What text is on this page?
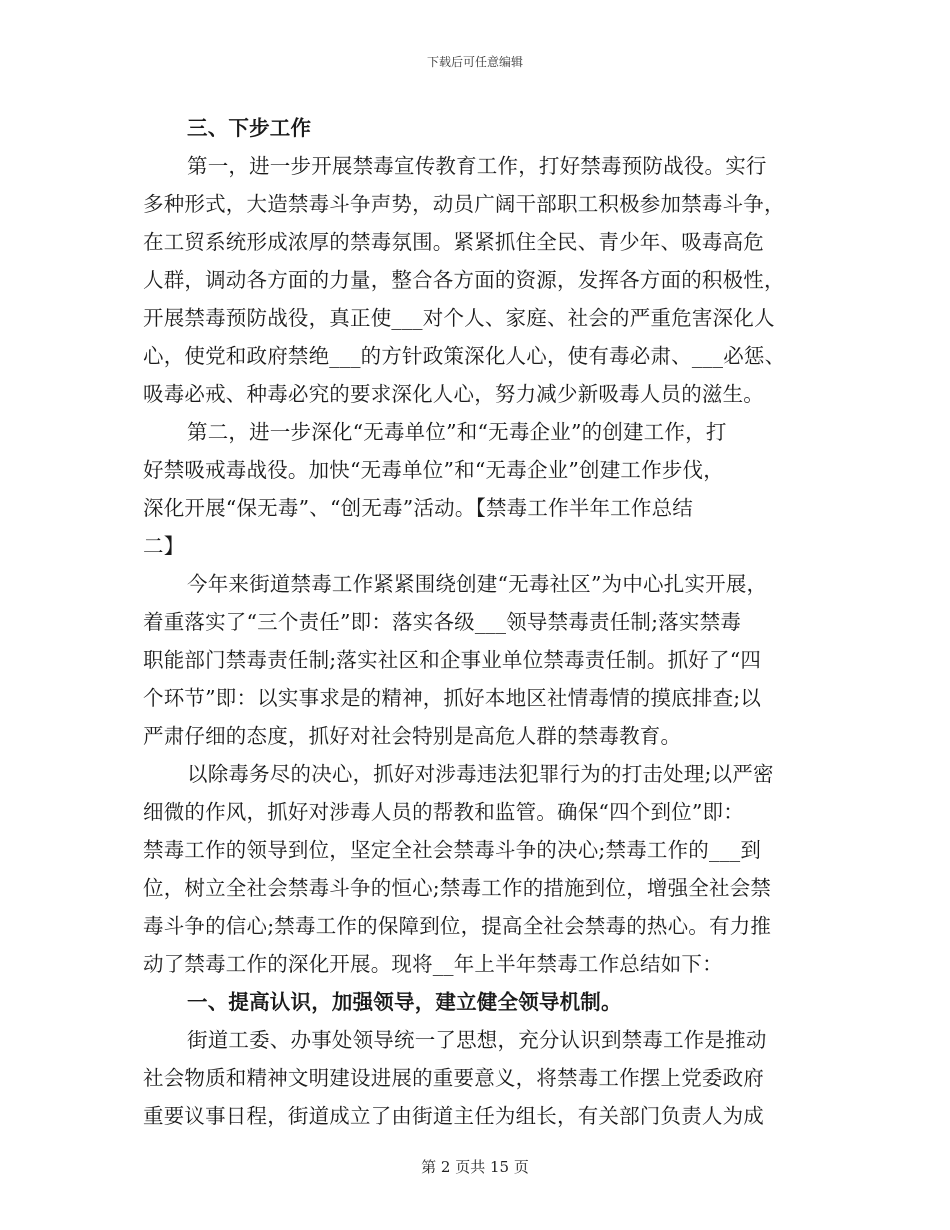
下载后可任意编辑
三、下步工作
第一，进一步开展禁毒宣传教育工作，打好禁毒预防战役。实行
多种形式，大造禁毒斗争声势，动员广阔干部职工积极参加禁毒斗争，
在工贸系统形成浓厚的禁毒氛围。紧紧抓住全民、青少年、吸毒高危
人群，调动各方面的力量，整合各方面的资源，发挥各方面的积极性，
开展禁毒预防战役，真正使___对个人、家庭、社会的严重危害深化人
心，使党和政府禁绝___的方针政策深化人心，使有毒必肃、___必惩、
吸毒必戒、种毒必究的要求深化人心，努力减少新吸毒人员的滋生。
第二，进一步深化“无毒单位”和“无毒企业”的创建工作，打
好禁吸戒毒战役。加快“无毒单位”和“无毒企业”创建工作步伐，
深化开展“保无毒”、“创无毒”活动。【禁毒工作半年工作总结
二】
今年来街道禁毒工作紧紧围绕创建“无毒社区”为中心扎实开展，
着重落实了“三个责任”即：落实各级___领导禁毒责任制;落实禁毒
职能部门禁毒责任制;落实社区和企事业单位禁毒责任制。抓好了“四
个环节”即：以实事求是的精神，抓好本地区社情毒情的摸底排查;以
严肃仔细的态度，抓好对社会特别是高危人群的禁毒教育。
以除毒务尽的决心，抓好对涉毒违法犯罪行为的打击处理;以严密
细微的作风，抓好对涉毒人员的帮教和监管。确保“四个到位”即：
禁毒工作的领导到位，坚定全社会禁毒斗争的决心;禁毒工作的___到
位，树立全社会禁毒斗争的恒心;禁毒工作的措施到位，增强全社会禁
毒斗争的信心;禁毒工作的保障到位，提高全社会禁毒的热心。有力推
动了禁毒工作的深化开展。现将__年上半年禁毒工作总结如下：
一、提高认识，加强领导，建立健全领导机制。
街道工委、办事处领导统一了思想，充分认识到禁毒工作是推动
社会物质和精神文明建设进展的重要意义，将禁毒工作摆上党委政府
重要议事日程，街道成立了由街道主任为组长，有关部门负责人为成
第 2 页共 15 页
